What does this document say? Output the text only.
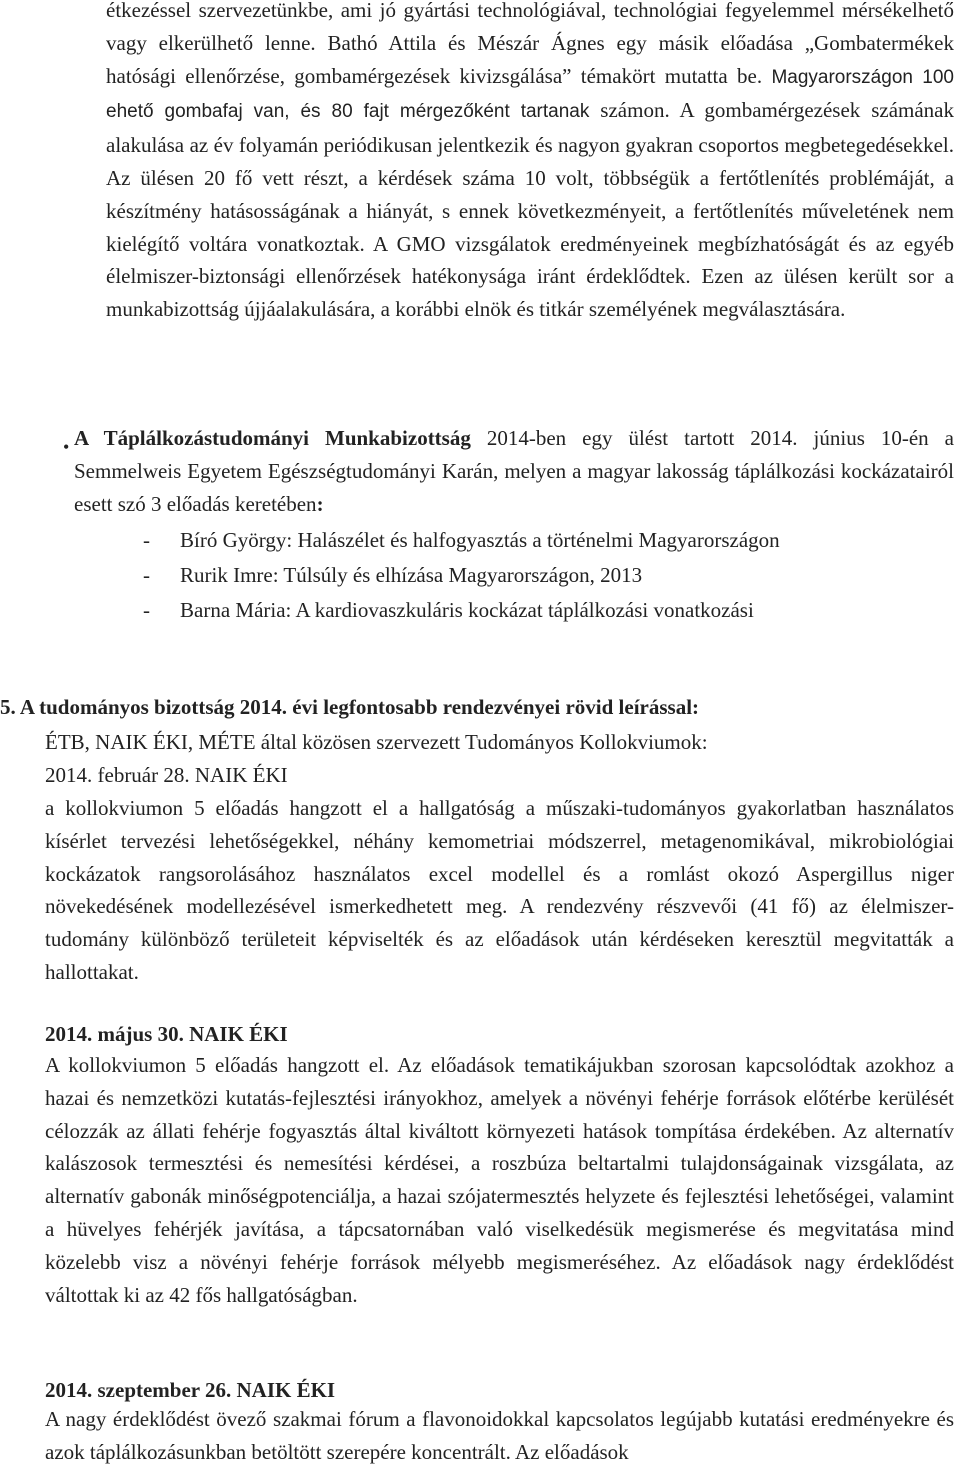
étkezéssel szervezetünkbe, ami jó gyártási technológiával, technológiai fegyelemmel mérsékelhető vagy elkerülhető lenne. Bathó Attila és Mészár Ágnes egy másik előadása „Gombatermékek hatósági ellenőrzése, gombamérgezések kivizsgálása” témakört mutatta be. Magyarországon 100 ehető gombafaj van, és 80 fajt mérgezőként tartanak számon. A gombamérgezések számának alakulása az év folyamán periódikusan jelentkezik és nagyon gyakran csoportos megbetegedésekkel. Az ülésen 20 fő vett részt, a kérdések száma 10 volt, többségük a fertőtlenítés problémáját, a készítmény hatásosságának a hiányát, s ennek következményeit, a fertőtlenítés műveletének nem kielégítő voltára vonatkoztak. A GMO vizsgálatok eredményeinek megbízhatóságát és az egyéb élelmiszer-biztonsági ellenőrzések hatékonysága iránt érdeklődtek. Ezen az ülésen került sor a munkabizottság újjáalakulására, a korábbi elnök és titkár személyének megválasztására.

• A Táplálkozástudományi Munkabizottság 2014-ben egy ülést tartott 2014. június 10-én a Semmelweis Egyetem Egészségtudományi Karán, melyen a magyar lakosság táplálkozási kockázatairól esett szó 3 előadás keretében:

- Bíró György: Halászélet és halfogyasztás a történelmi Magyarországon

- Rurik Imre: Túlsúly és elhízása Magyarországon, 2013

- Barna Mária: A kardiovaszkuláris kockázat táplálkozási vonatkozási

5. A tudományos bizottság 2014. évi legfontosabb rendezvényei rövid leírással:

ÉTB, NAIK ÉKI, MÉTE által közösen szervezett Tudományos Kollokviumok:

2014. február 28. NAIK ÉKI

a kollokviumon 5 előadás hangzott el a hallgatóság a műszaki-tudományos gyakorlatban használatos kísérlet tervezési lehetőségekkel, néhány kemometriai módszerrel, metagenomikával, mikrobiológiai kockázatok rangsorolásához használatos excel modellel és a romlást okozó Aspergillus niger növekedésének modellezésével ismerkedhetett meg. A rendezvény részvevői (41 fő) az élelmiszer-tudomány különböző területeit képviselték és az előadások után kérdéseken keresztül megvitatták a hallottakat.

2014. május 30. NAIK ÉKI

A kollokviumon 5 előadás hangzott el. Az előadások tematikájukban szorosan kapcsolódtak azokhoz a hazai és nemzetközi kutatás-fejlesztési irányokhoz, amelyek a növényi fehérje források előtérbe kerülését célozzák az állati fehérje fogyasztás által kiváltott környezeti hatások tompítása érdekében. Az alternatív kalászosok termesztési és nemesítési kérdései, a roszbúza beltartalmi tulajdonságainak vizsgálata, az alternatív gabonák minőségpotenciálja, a hazai szójatermesztés helyzete és fejlesztési lehetőségei, valamint a hüvelyes fehérjék javítása, a tápcsatornában való viselkedésük megismerése és megvitatása mind közelebb visz a növényi fehérje források mélyebb megismeréséhez. Az előadások nagy érdeklődést váltottak ki az 42 fős hallgatóságban.

2014. szeptember 26. NAIK ÉKI

A nagy érdeklődést övező szakmai fórum a flavonoidokkal kapcsolatos legújabb kutatási eredményekre és azok táplálkozásunkban betöltött szerepére koncentrált. Az előadások
